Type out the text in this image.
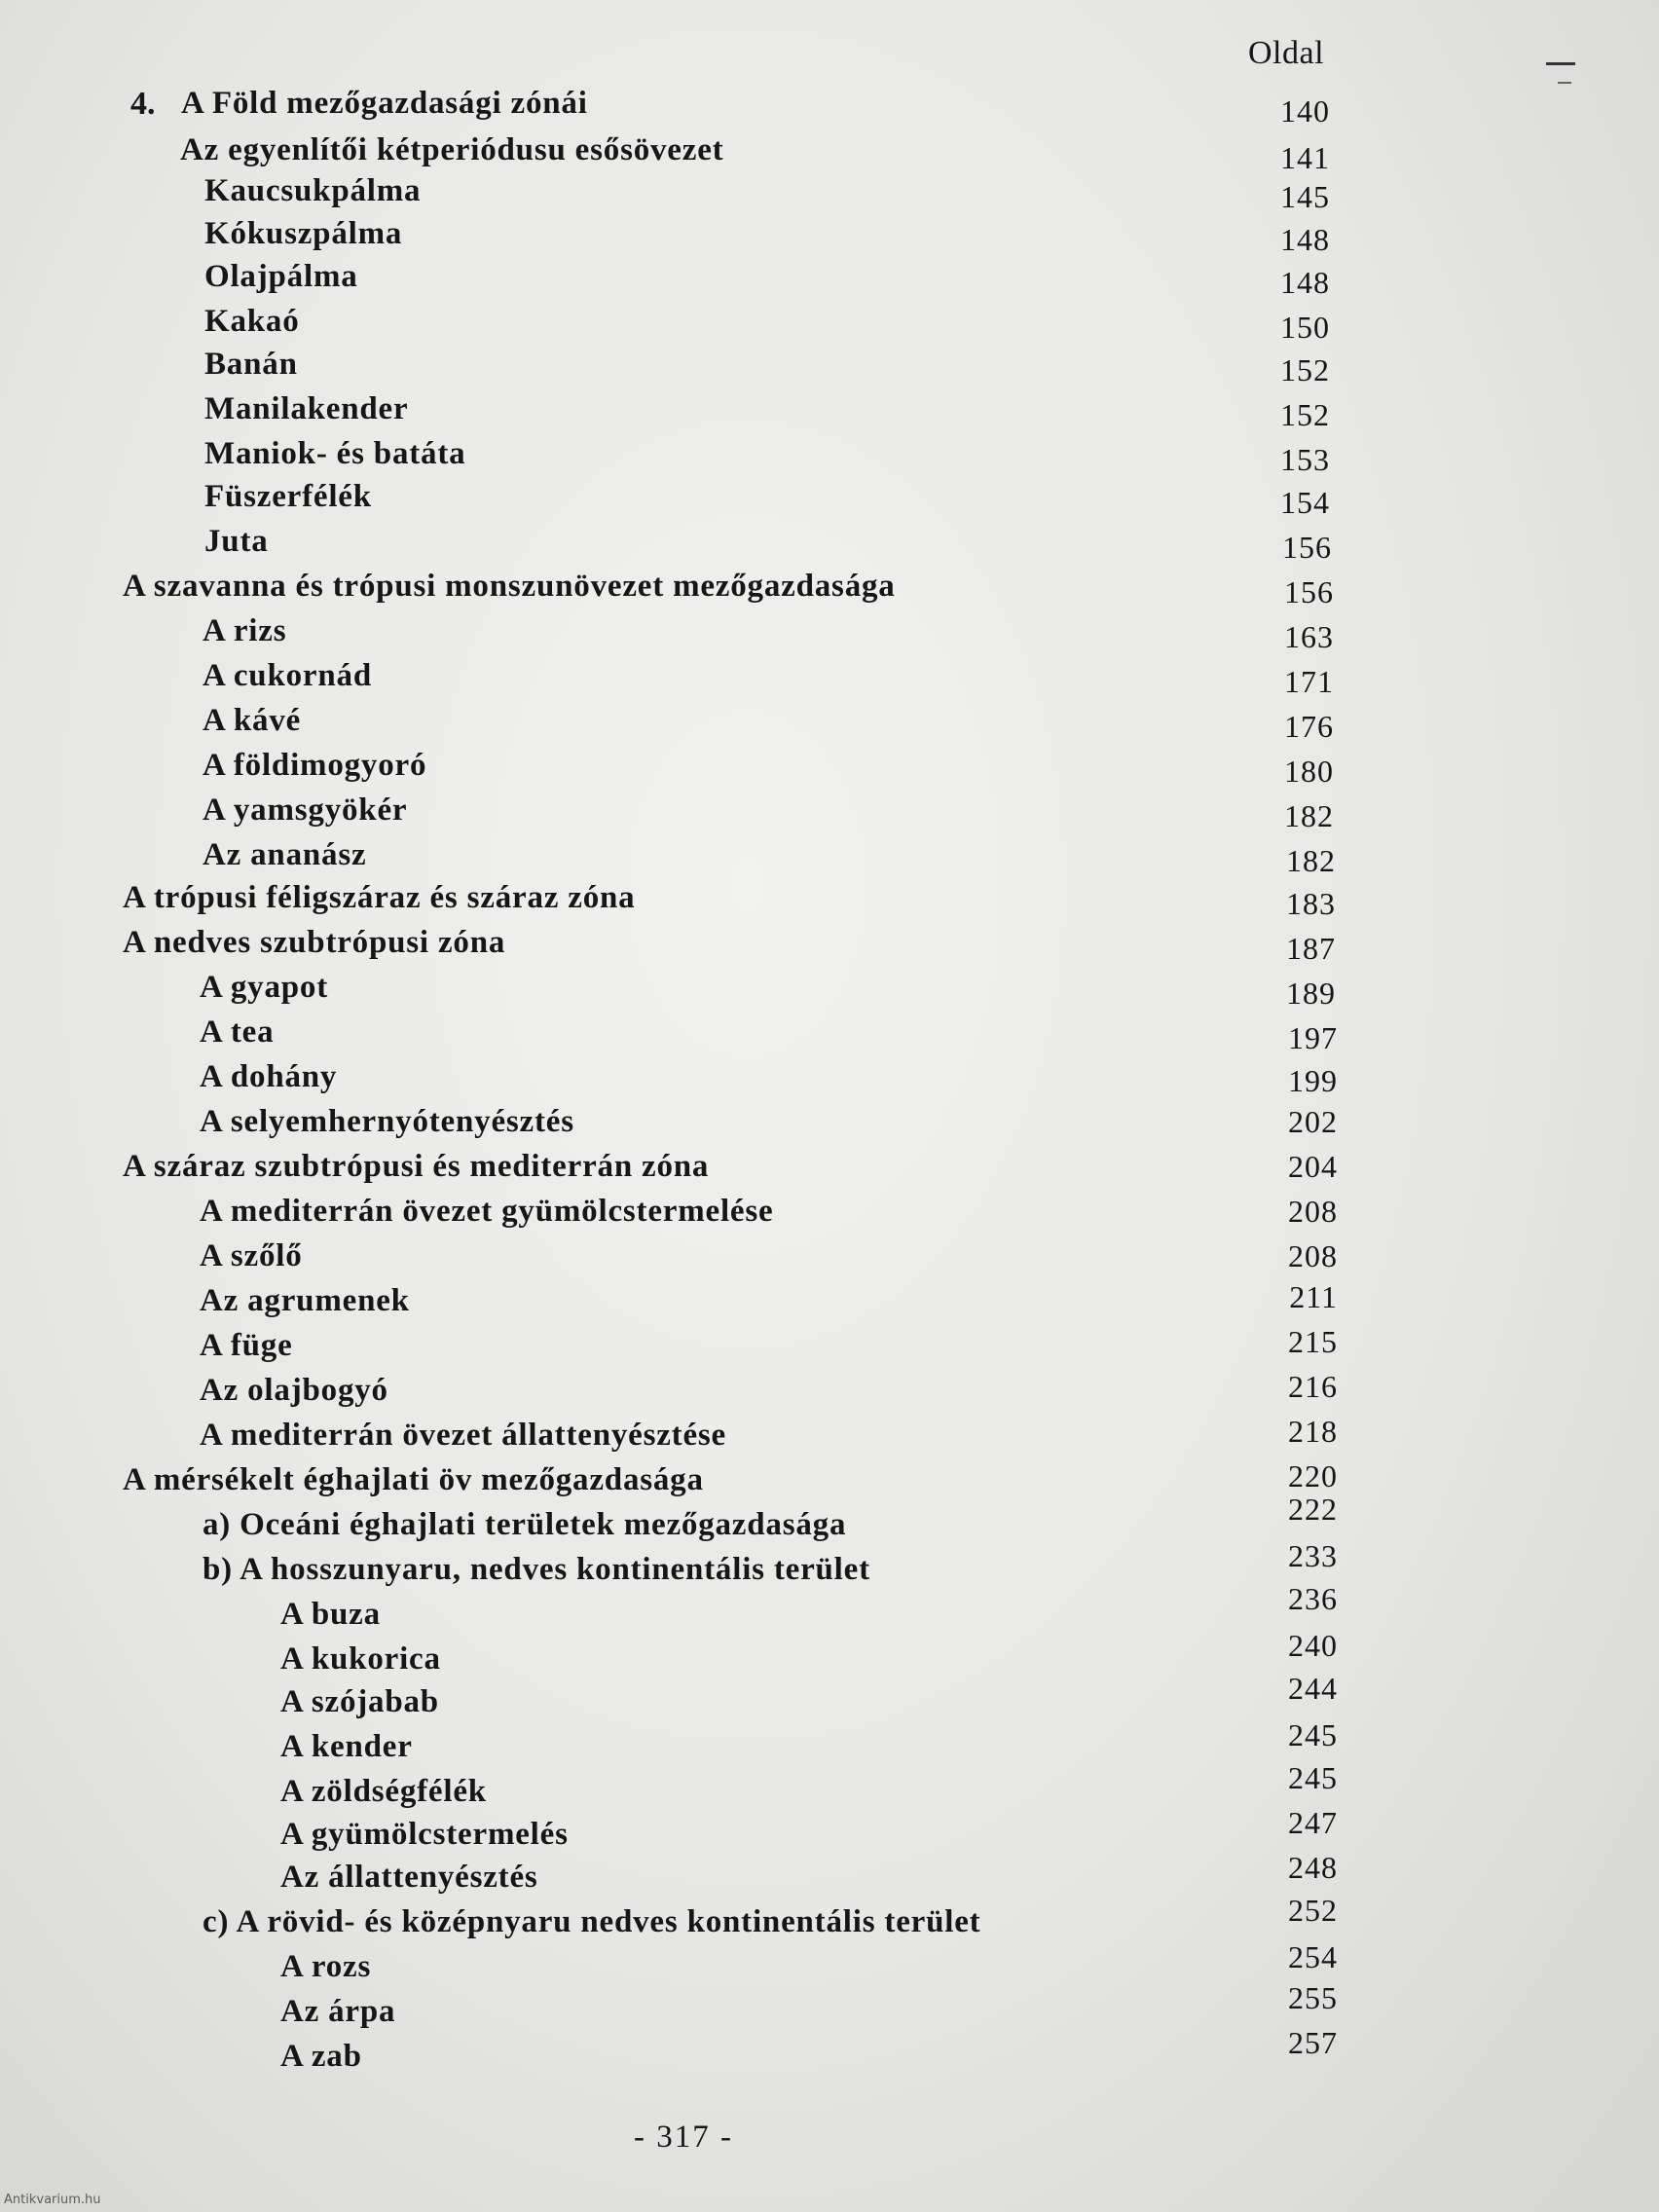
Oldal
4. A Föld mezőgazdasági zónái	140
Az egyenlítői kétperiódusu esősövezet	141
Kaucsukpálma	145
Kókuszpálma	148
Olajpálma	148
Kakaó	150
Banán	152
Manilakender	152
Maniok- és batáta	153
Füszerfélék	154
Juta	156
A szavanna és trópusi monszunövezet mezőgazdasága	156
A rizs	163
A cukornád	171
A kávé	176
A földimogyoró	180
A yamsgyökér	182
Az ananász	182
A trópusi féligszáraz és száraz zóna	183
A nedves szubtrópusi zóna	187
A gyapot	189
A tea	197
A dohány	199
A selyemhernyótenyésztés	202
A száraz szubtrópusi és mediterrán zóna	204
A mediterrán övezet gyümölcstermelése	208
A szőlő	208
Az agrumenek	211
A füge	215
Az olajbogyó	216
A mediterrán övezet állattenyésztése	218
A mérsékelt éghajlati öv mezőgazdasága	220
a) Oceáni éghajlati területek mezőgazdasága	222
b) A hosszunyaru, nedves kontinentális terület	233
A buza	236
A kukorica	240
A szójabab	244
A kender	245
A zöldségfélék	245
A gyümölcstermelés	247
Az állattenyésztés	248
c) A rövid- és középnyaru nedves kontinentális terület	252
A rozs	254
Az árpa	255
A zab	257
- 317 -
Antikvarium.hu
